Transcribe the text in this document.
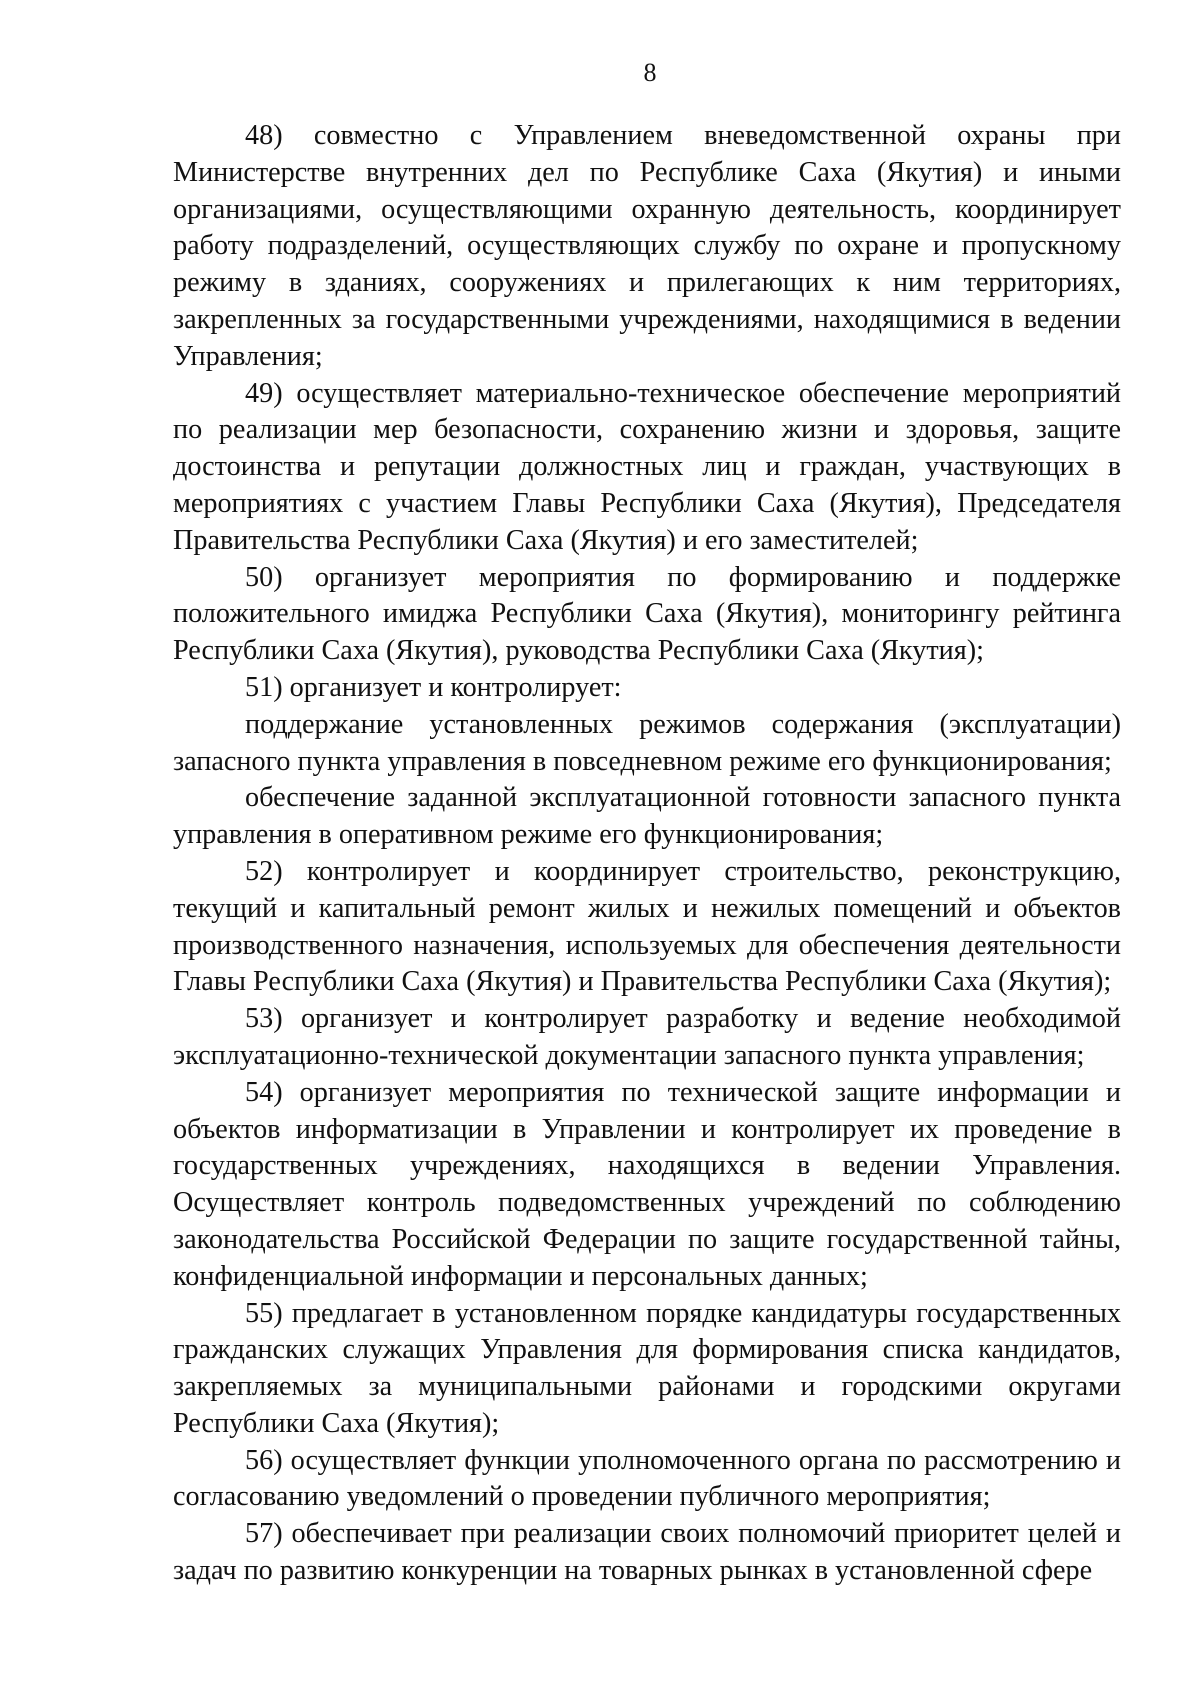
8

48) совместно с Управлением вневедомственной охраны при Министерстве внутренних дел по Республике Саха (Якутия) и иными организациями, осуществляющими охранную деятельность, координирует работу подразделений, осуществляющих службу по охране и пропускному режиму в зданиях, сооружениях и прилегающих к ним территориях, закрепленных за государственными учреждениями, находящимися в ведении Управления;

49) осуществляет материально-техническое обеспечение мероприятий по реализации мер безопасности, сохранению жизни и здоровья, защите достоинства и репутации должностных лиц и граждан, участвующих в мероприятиях с участием Главы Республики Саха (Якутия), Председателя Правительства Республики Саха (Якутия) и его заместителей;

50) организует мероприятия по формированию и поддержке положительного имиджа Республики Саха (Якутия), мониторингу рейтинга Республики Саха (Якутия), руководства Республики Саха (Якутия);

51) организует и контролирует:

поддержание установленных режимов содержания (эксплуатации) запасного пункта управления в повседневном режиме его функционирования;

обеспечение заданной эксплуатационной готовности запасного пункта управления в оперативном режиме его функционирования;

52) контролирует и координирует строительство, реконструкцию, текущий и капитальный ремонт жилых и нежилых помещений и объектов производственного назначения, используемых для обеспечения деятельности Главы Республики Саха (Якутия) и Правительства Республики Саха (Якутия);

53) организует и контролирует разработку и ведение необходимой эксплуатационно-технической документации запасного пункта управления;

54) организует мероприятия по технической защите информации и объектов информатизации в Управлении и контролирует их проведение в государственных учреждениях, находящихся в ведении Управления. Осуществляет контроль подведомственных учреждений по соблюдению законодательства Российской Федерации по защите государственной тайны, конфиденциальной информации и персональных данных;

55) предлагает в установленном порядке кандидатуры государственных гражданских служащих Управления для формирования списка кандидатов, закрепляемых за муниципальными районами и городскими округами Республики Саха (Якутия);

56) осуществляет функции уполномоченного органа по рассмотрению и согласованию уведомлений о проведении публичного мероприятия;

57) обеспечивает при реализации своих полномочий приоритет целей и задач по развитию конкуренции на товарных рынках в установленной сфере
